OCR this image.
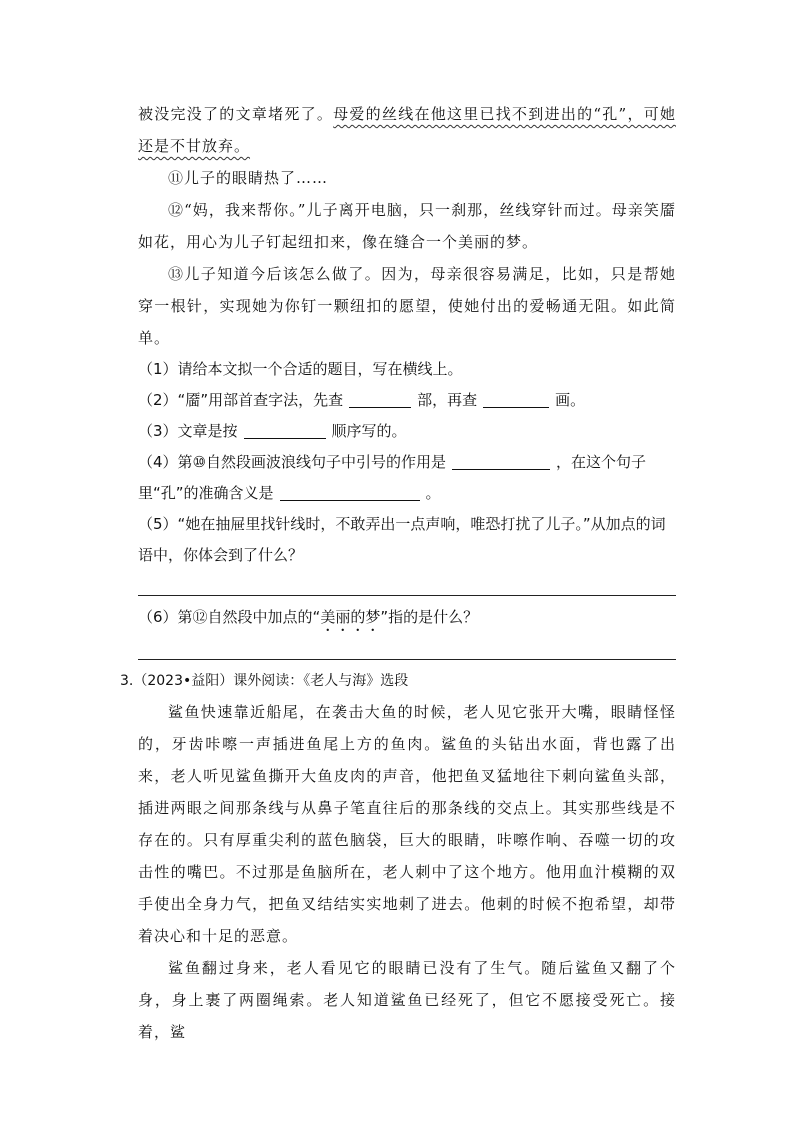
被没完没了的文章堵死了。母爱的丝线在他这里已找不到进出的“孔”，可她还是不甘放弃。

⑪儿子的眼睛热了……

⑫“妈，我来帮你。”儿子离开电脑，只一刹那，丝线穿针而过。母亲笑靥如花，用心为儿子钉起纽扣来，像在缝合一个美丽的梦。

⑬儿子知道今后该怎么做了。因为，母亲很容易满足，比如，只是帮她穿一根针，实现她为你钉一颗纽扣的愿望，使她付出的爱畅通无阻。如此简单。

（1）请给本文拟一个合适的题目，写在横线上。

（2）“靥”用部首查字法，先查	部，再查	画。

（3）文章是按	顺序写的。

（4）第⑩自然段画波浪线句子中引号的作用是	，在这个句子里“孔”的准确含义是	。

（5）“她在抽屉里找针线时，不敢弄出一点声响，唯恐打扰了儿子。”从加点的词语中，你体会到了什么？

（6）第⑫自然段中加点的“美丽的梦”指的是什么？

3.（2023•益阳）课外阅读：《老人与海》选段

鲨鱼快速靠近船尾，在袭击大鱼的时候，老人见它张开大嘴，眼睛怪怪的，牙齿咔嚓一声插进鱼尾上方的鱼肉。鲨鱼的头钻出水面，背也露了出来，老人听见鲨鱼撕开大鱼皮肉的声音，他把鱼叉猛地往下刺向鲨鱼头部，插进两眼之间那条线与从鼻子笔直往后的那条线的交点上。其实那些线是不存在的。只有厚重尖利的蓝色脑袋，巨大的眼睛，咔嚓作响、吞噬一切的攻击性的嘴巴。不过那是鱼脑所在，老人刺中了这个地方。他用血汁模糊的双手使出全身力气，把鱼叉结结实实地刺了进去。他刺的时候不抱希望，却带着决心和十足的恶意。

鲨鱼翻过身来，老人看见它的眼睛已没有了生气。随后鲨鱼又翻了个身，身上裹了两圈绳索。老人知道鲨鱼已经死了，但它不愿接受死亡。接着，鲨
